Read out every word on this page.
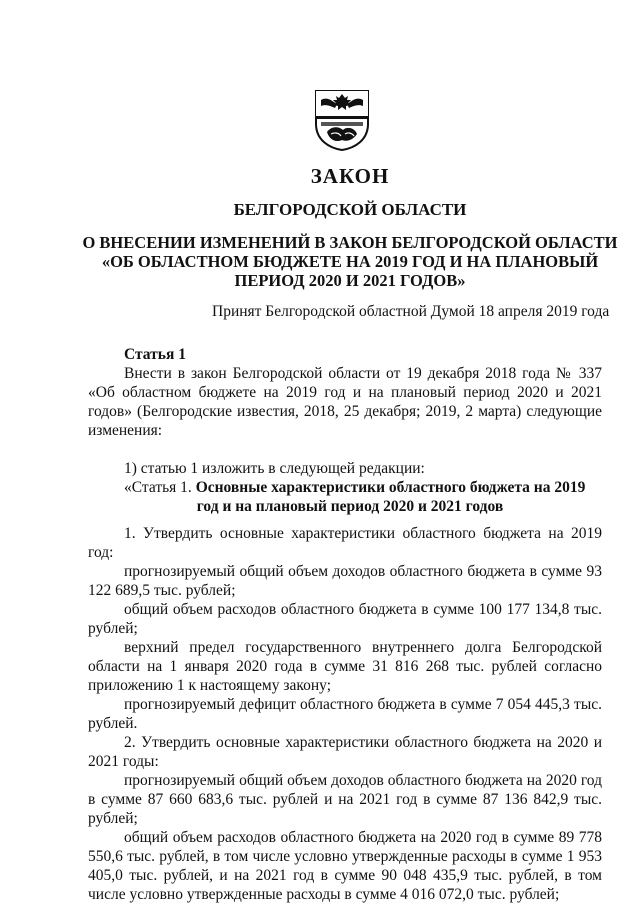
ЗАКОН
БЕЛГОРОДСКОЙ ОБЛАСТИ
О ВНЕСЕНИИ ИЗМЕНЕНИЙ В ЗАКОН БЕЛГОРОДСКОЙ ОБЛАСТИ
«ОБ ОБЛАСТНОМ БЮДЖЕТЕ НА 2019 ГОД И НА ПЛАНОВЫЙ
ПЕРИОД 2020 И 2021 ГОДОВ»
Принят Белгородской областной Думой 18 апреля 2019 года

Статья 1

Внести в закон Белгородской области от 19 декабря 2018 года № 337 «Об областном бюджете на 2019 год и на плановый период 2020 и 2021 годов» (Белгородские известия, 2018, 25 декабря; 2019, 2 марта) следующие изменения:

1) статью 1 изложить в следующей редакции:

«Статья 1. Основные характеристики областного бюджета на 2019

год и на плановый период 2020 и 2021 годов

1. Утвердить основные характеристики областного бюджета на 2019 год:

прогнозируемый общий объем доходов областного бюджета в сумме 93 122 689,5 тыс. рублей;

общий объем расходов областного бюджета в сумме 100 177 134,8 тыс. рублей;

верхний предел государственного внутреннего долга Белгородской области на 1 января 2020 года в сумме 31 816 268 тыс. рублей согласно приложению 1 к настоящему закону;

прогнозируемый дефицит областного бюджета в сумме 7 054 445,3 тыс. рублей.

2. Утвердить основные характеристики областного бюджета на 2020 и 2021 годы:

прогнозируемый общий объем доходов областного бюджета на 2020 год в сумме 87 660 683,6 тыс. рублей и на 2021 год в сумме 87 136 842,9 тыс. рублей;

общий объем расходов областного бюджета на 2020 год в сумме 89 778 550,6 тыс. рублей, в том числе условно утвержденные расходы в сумме 1 953 405,0 тыс. рублей, и на 2021 год в сумме 90 048 435,9 тыс. рублей, в том числе условно утвержденные расходы в сумме 4 016 072,0 тыс. рублей;
